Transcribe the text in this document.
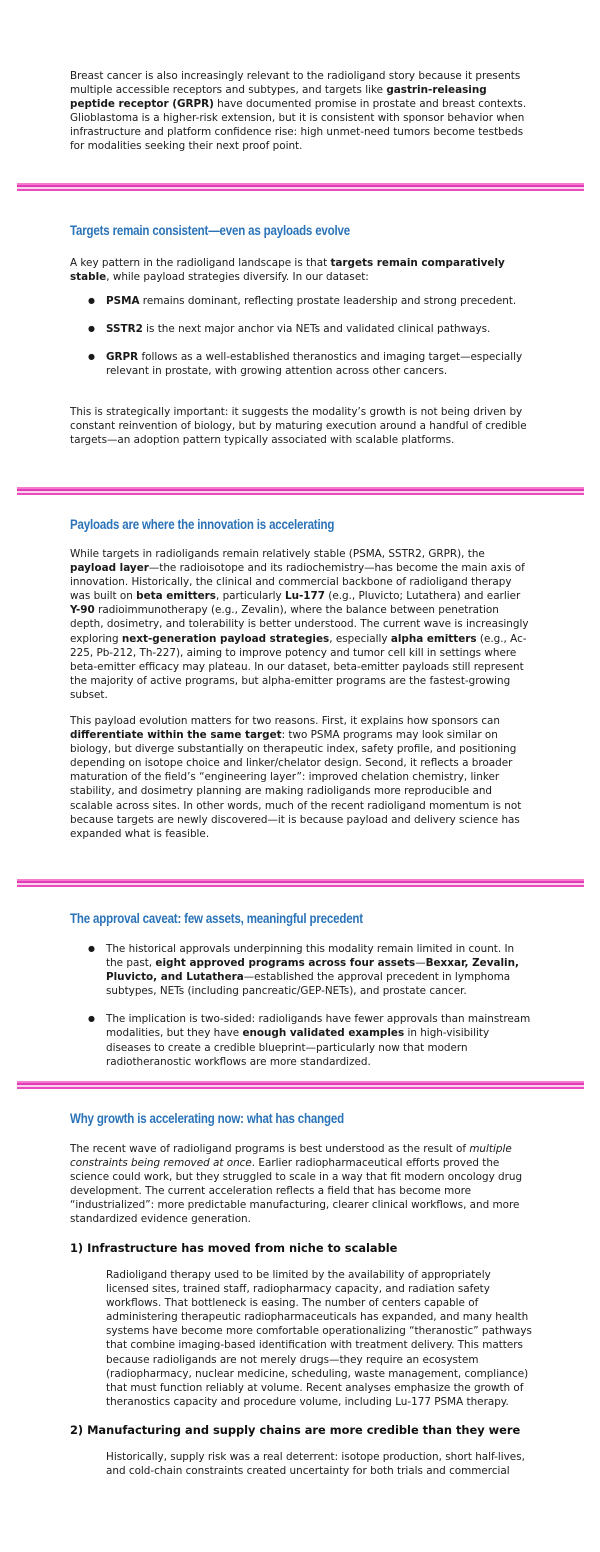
Breast cancer is also increasingly relevant to the radioligand story because it presents multiple accessible receptors and subtypes, and targets like gastrin-releasing peptide receptor (GRPR) have documented promise in prostate and breast contexts. Glioblastoma is a higher-risk extension, but it is consistent with sponsor behavior when infrastructure and platform confidence rise: high unmet-need tumors become testbeds for modalities seeking their next proof point.

Targets remain consistent—even as payloads evolve

A key pattern in the radioligand landscape is that targets remain comparatively stable, while payload strategies diversify. In our dataset:

● PSMA remains dominant, reflecting prostate leadership and strong precedent.
● SSTR2 is the next major anchor via NETs and validated clinical pathways.
● GRPR follows as a well-established theranostics and imaging target—especially relevant in prostate, with growing attention across other cancers.

This is strategically important: it suggests the modality’s growth is not being driven by constant reinvention of biology, but by maturing execution around a handful of credible targets—an adoption pattern typically associated with scalable platforms.

Payloads are where the innovation is accelerating

While targets in radioligands remain relatively stable (PSMA, SSTR2, GRPR), the payload layer—the radioisotope and its radiochemistry—has become the main axis of innovation. Historically, the clinical and commercial backbone of radioligand therapy was built on beta emitters, particularly Lu-177 (e.g., Pluvicto; Lutathera) and earlier Y-90 radioimmunotherapy (e.g., Zevalin), where the balance between penetration depth, dosimetry, and tolerability is better understood. The current wave is increasingly exploring next-generation payload strategies, especially alpha emitters (e.g., Ac-225, Pb-212, Th-227), aiming to improve potency and tumor cell kill in settings where beta-emitter efficacy may plateau. In our dataset, beta-emitter payloads still represent the majority of active programs, but alpha-emitter programs are the fastest-growing subset.

This payload evolution matters for two reasons. First, it explains how sponsors can differentiate within the same target: two PSMA programs may look similar on biology, but diverge substantially on therapeutic index, safety profile, and positioning depending on isotope choice and linker/chelator design. Second, it reflects a broader maturation of the field’s “engineering layer”: improved chelation chemistry, linker stability, and dosimetry planning are making radioligands more reproducible and scalable across sites. In other words, much of the recent radioligand momentum is not because targets are newly discovered—it is because payload and delivery science has expanded what is feasible.

The approval caveat: few assets, meaningful precedent
● The historical approvals underpinning this modality remain limited in count. In the past, eight approved programs across four assets—Bexxar, Zevalin, Pluvicto, and Lutathera—established the approval precedent in lymphoma subtypes, NETs (including pancreatic/GEP-NETs), and prostate cancer.
● The implication is two-sided: radioligands have fewer approvals than mainstream modalities, but they have enough validated examples in high-visibility diseases to create a credible blueprint—particularly now that modern radiotheranostic workflows are more standardized.
Why growth is accelerating now: what has changed

The recent wave of radioligand programs is best understood as the result of multiple constraints being removed at once. Earlier radiopharmaceutical efforts proved the science could work, but they struggled to scale in a way that fit modern oncology drug development. The current acceleration reflects a field that has become more “industrialized”: more predictable manufacturing, clearer clinical workflows, and more standardized evidence generation.

1) Infrastructure has moved from niche to scalable

Radioligand therapy used to be limited by the availability of appropriately licensed sites, trained staff, radiopharmacy capacity, and radiation safety workflows. That bottleneck is easing. The number of centers capable of administering therapeutic radiopharmaceuticals has expanded, and many health systems have become more comfortable operationalizing “theranostic” pathways that combine imaging-based identification with treatment delivery. This matters because radioligands are not merely drugs—they require an ecosystem (radiopharmacy, nuclear medicine, scheduling, waste management, compliance) that must function reliably at volume. Recent analyses emphasize the growth of theranostics capacity and procedure volume, including Lu-177 PSMA therapy.

2) Manufacturing and supply chains are more credible than they were

Historically, supply risk was a real deterrent: isotope production, short half-lives, and cold-chain constraints created uncertainty for both trials and commercial
